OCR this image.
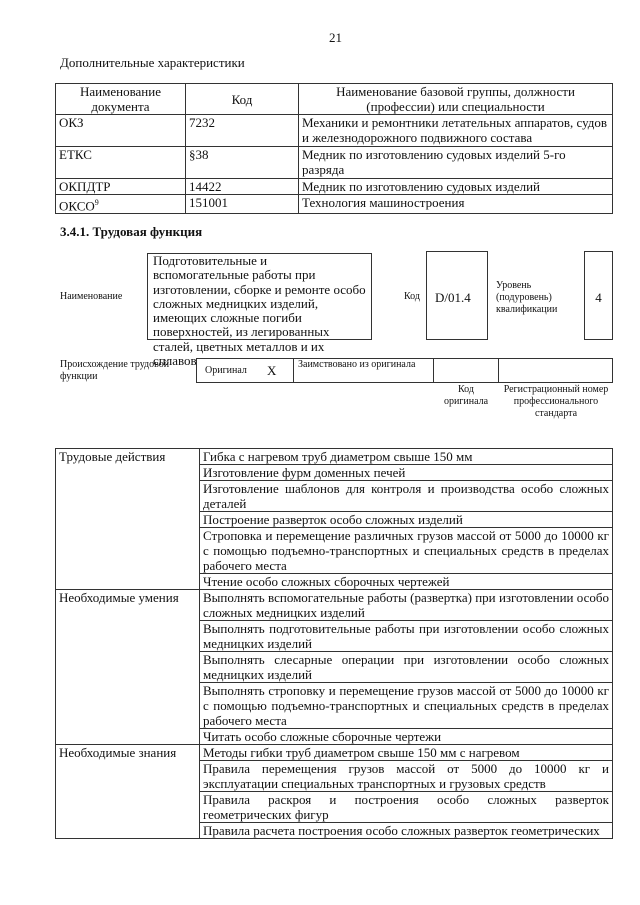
21
Дополнительные характеристики
Наименование документа	Код	Наименование базовой группы, должности (профессии) или специальности
ОКЗ	7232	Механики и ремонтники летательных аппаратов, судов и железнодорожного подвижного состава
ЕТКС	§38	Медник по изготовлению судовых изделий 5-го разряда
ОКПДТР	14422	Медник по изготовлению судовых изделий
ОКСО$^9$	151001	Технология машиностроения
3.4.1. Трудовая функция
Наименование
Подготовительные и вспомогательные работы при изготовлении, сборке и ремонте особо сложных медницких изделий, имеющих сложные погиби поверхностей, из легированных сталей, цветных металлов и их сплавов
Код	D/01.4
Уровень (подуровень) квалификации
4
Происхождение трудовой функции
Оригинал X Заимствовано из оригинала
Код оригинала
Регистрационный номер профессионального стандарта
Трудовые действия	Гибка с нагревом труб диаметром свыше 150 мм
	Изготовление фурм доменных печей
	Изготовление шаблонов для контроля и производства особо сложных деталей
	Построение разверток особо сложных изделий
	Строповка и перемещение различных грузов массой от 5000 до 10000 кг с помощью подъемно-транспортных и специальных средств в пределах рабочего места
	Чтение особо сложных сборочных чертежей
Необходимые умения	Выполнять вспомогательные работы (развертка) при изготовлении особо сложных медницких изделий
	Выполнять подготовительные работы при изготовлении особо сложных медницких изделий
	Выполнять слесарные операции при изготовлении особо сложных медницких изделий
	Выполнять строповку и перемещение грузов массой от 5000 до 10000 кг с помощью подъемно-транспортных и специальных средств в пределах рабочего места
	Читать особо сложные сборочные чертежи
Необходимые знания	Методы гибки труб диаметром свыше 150 мм с нагревом
	Правила перемещения грузов массой от 5000 до 10000 кг и эксплуатации специальных транспортных и грузовых средств
	Правила раскроя и построения особо сложных разверток геометрических фигур
	Правила расчета построения особо сложных разверток геометрических
